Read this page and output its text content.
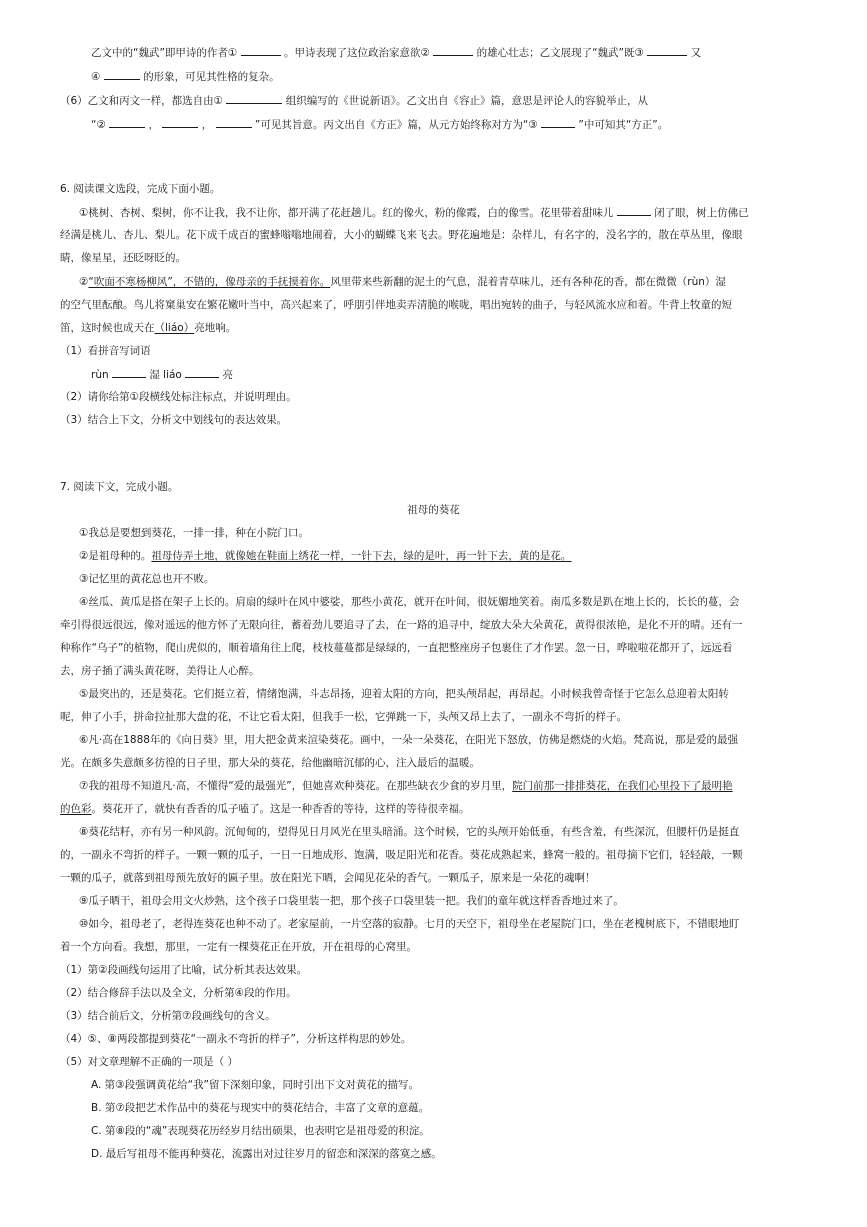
乙文中的“魏武”即甲诗的作者①	。甲诗表现了这位政治家意欲②	的雄心壮志；乙文展现了“魏武”既③	又
④	的形象，可见其性格的复杂。
（6）乙文和丙文一样，都选自由①	组织编写的《世说新语》。乙文出自《容止》篇，意思是评论人的容貌举止，从
“②	，	，	”可见其旨意。丙文出自《方正》篇，从元方始终称对方为“③	”中可知其“方正”。
6. 阅读课文选段，完成下面小题。
①桃树、杏树、梨树，你不让我，我不让你，都开满了花赶趟儿。红的像火，粉的像霞，白的像雪。花里带着甜味儿	闭了眼，树上仿佛已
经满是桃儿、杏儿、梨儿。花下成千成百的蜜蜂嗡嗡地闹着，大小的蝴蝶飞来飞去。野花遍地是：杂样儿，有名字的，没名字的，散在草丛里，像眼
睛，像星星，还眨呀眨的。
②“吹面不寒杨柳风”，不错的，像母亲的手抚摸着你。风里带来些新翻的泥土的气息，混着青草味儿，还有各种花的香，都在微微（rùn）湿
的空气里酝酿。鸟儿将窠巢安在繁花嫩叶当中，高兴起来了，呼朋引伴地卖弄清脆的喉咙，唱出宛转的曲子，与轻风流水应和着。牛背上牧童的短
笛，这时候也成天在（liáo）亮地响。
（1）看拼音写词语
rùn	湿 liáo	亮
（2）请你给第①段横线处标注标点，并说明理由。
（3）结合上下文，分析文中划线句的表达效果。
7. 阅读下文，完成小题。
祖母的葵花
①我总是要想到葵花，一排一排，种在小院门口。
②是祖母种的。祖母侍弄土地，就像她在鞋面上绣花一样，一针下去，绿的是叶，再一针下去，黄的是花。
③记忆里的黄花总也开不败。
④丝瓜、黄瓜是搭在架子上长的。肩扇的绿叶在风中婆娑，那些小黄花，就开在叶间，很妩媚地笑着。南瓜多数是趴在地上长的，长长的蔓，会
牵引得很远很远，像对遥远的他方怀了无限向往，蓄着劲儿要追寻了去，在一路的追寻中，绽放大朵大朵黄花，黄得很浓艳，是化不开的晴。还有一
种称作“乌子”的植物，爬山虎似的，顺着墙角往上爬，枝枝蔓蔓都是绿绿的，一直把整座房子包裹住了才作罢。忽一日，哗啦啦花都开了，远远看
去，房子插了满头黄花呀，美得让人心醉。
⑤最突出的，还是葵花。它们挺立着，情绪饱满，斗志昂扬，迎着太阳的方向，把头颅昂起，再昂起。小时候我曾奇怪于它怎么总迎着太阳转
呢，伸了小手，拼命拉扯那大盘的花，不让它看太阳，但我手一松，它弹跳一下，头颅又昂上去了，一副永不弯折的样子。
⑥凡·高在1888年的《向日葵》里，用大把金黄来渲染葵花。画中，一朵一朵葵花，在阳光下怒放，仿佛是燃烧的火焰。梵高说，那是爱的最强
光。在颇多失意颇多彷徨的日子里，那大朵的葵花，给他幽暗沉郁的心，注入最后的温暖。
⑦我的祖母不知道凡·高，不懂得“爱的最强光”，但她喜欢种葵花。在那些缺衣少食的岁月里，院门前那一排排葵花，在我们心里投下了最明艳
的色彩。葵花开了，就快有香香的瓜子嗑了。这是一种香香的等待，这样的等待很幸福。
⑧葵花结籽，亦有另一种风韵。沉甸甸的，望得见日月风光在里头暗涌。这个时候，它的头颅开始低垂，有些含羞，有些深沉，但腰杆仍是挺直
的，一副永不弯折的样子。一颗一颗的瓜子，一日一日地成形、饱满，吸足阳光和花香。葵花成熟起来，蜂窝一般的。祖母摘下它们，轻轻敲，一颗
一颗的瓜子，就落到祖母预先放好的匾子里。放在阳光下晒，会闻见花朵的香气。一颗瓜子，原来是一朵花的魂啊！
⑨瓜子晒干，祖母会用文火炒熟，这个孩子口袋里装一把，那个孩子口袋里装一把。我们的童年就这样香香地过来了。
⑩如今，祖母老了，老得连葵花也种不动了。老家屋前，一片空落的寂静。七月的天空下，祖母坐在老屋院门口，坐在老槐树底下，不错眼地盯
着一个方向看。我想，那里，一定有一棵葵花正在开放，开在祖母的心窝里。
（1）第②段画线句运用了比喻，试分析其表达效果。
（2）结合修辞手法以及全文，分析第④段的作用。
（3）结合前后文，分析第⑦段画线句的含义。
（4）⑤、⑧两段都提到葵花“一副永不弯折的样子”，分析这样构思的妙处。
（5）对文章理解不正确的一项是（ ）
A. 第③段强调黄花给“我”留下深刻印象，同时引出下文对黄花的描写。
B. 第⑦段把艺术作品中的葵花与现实中的葵花结合，丰富了文章的意蕴。
C. 第⑧段的“魂”表现葵花历经岁月结出硕果，也表明它是祖母爱的积淀。
D. 最后写祖母不能再种葵花，流露出对过往岁月的留恋和深深的落寞之感。
